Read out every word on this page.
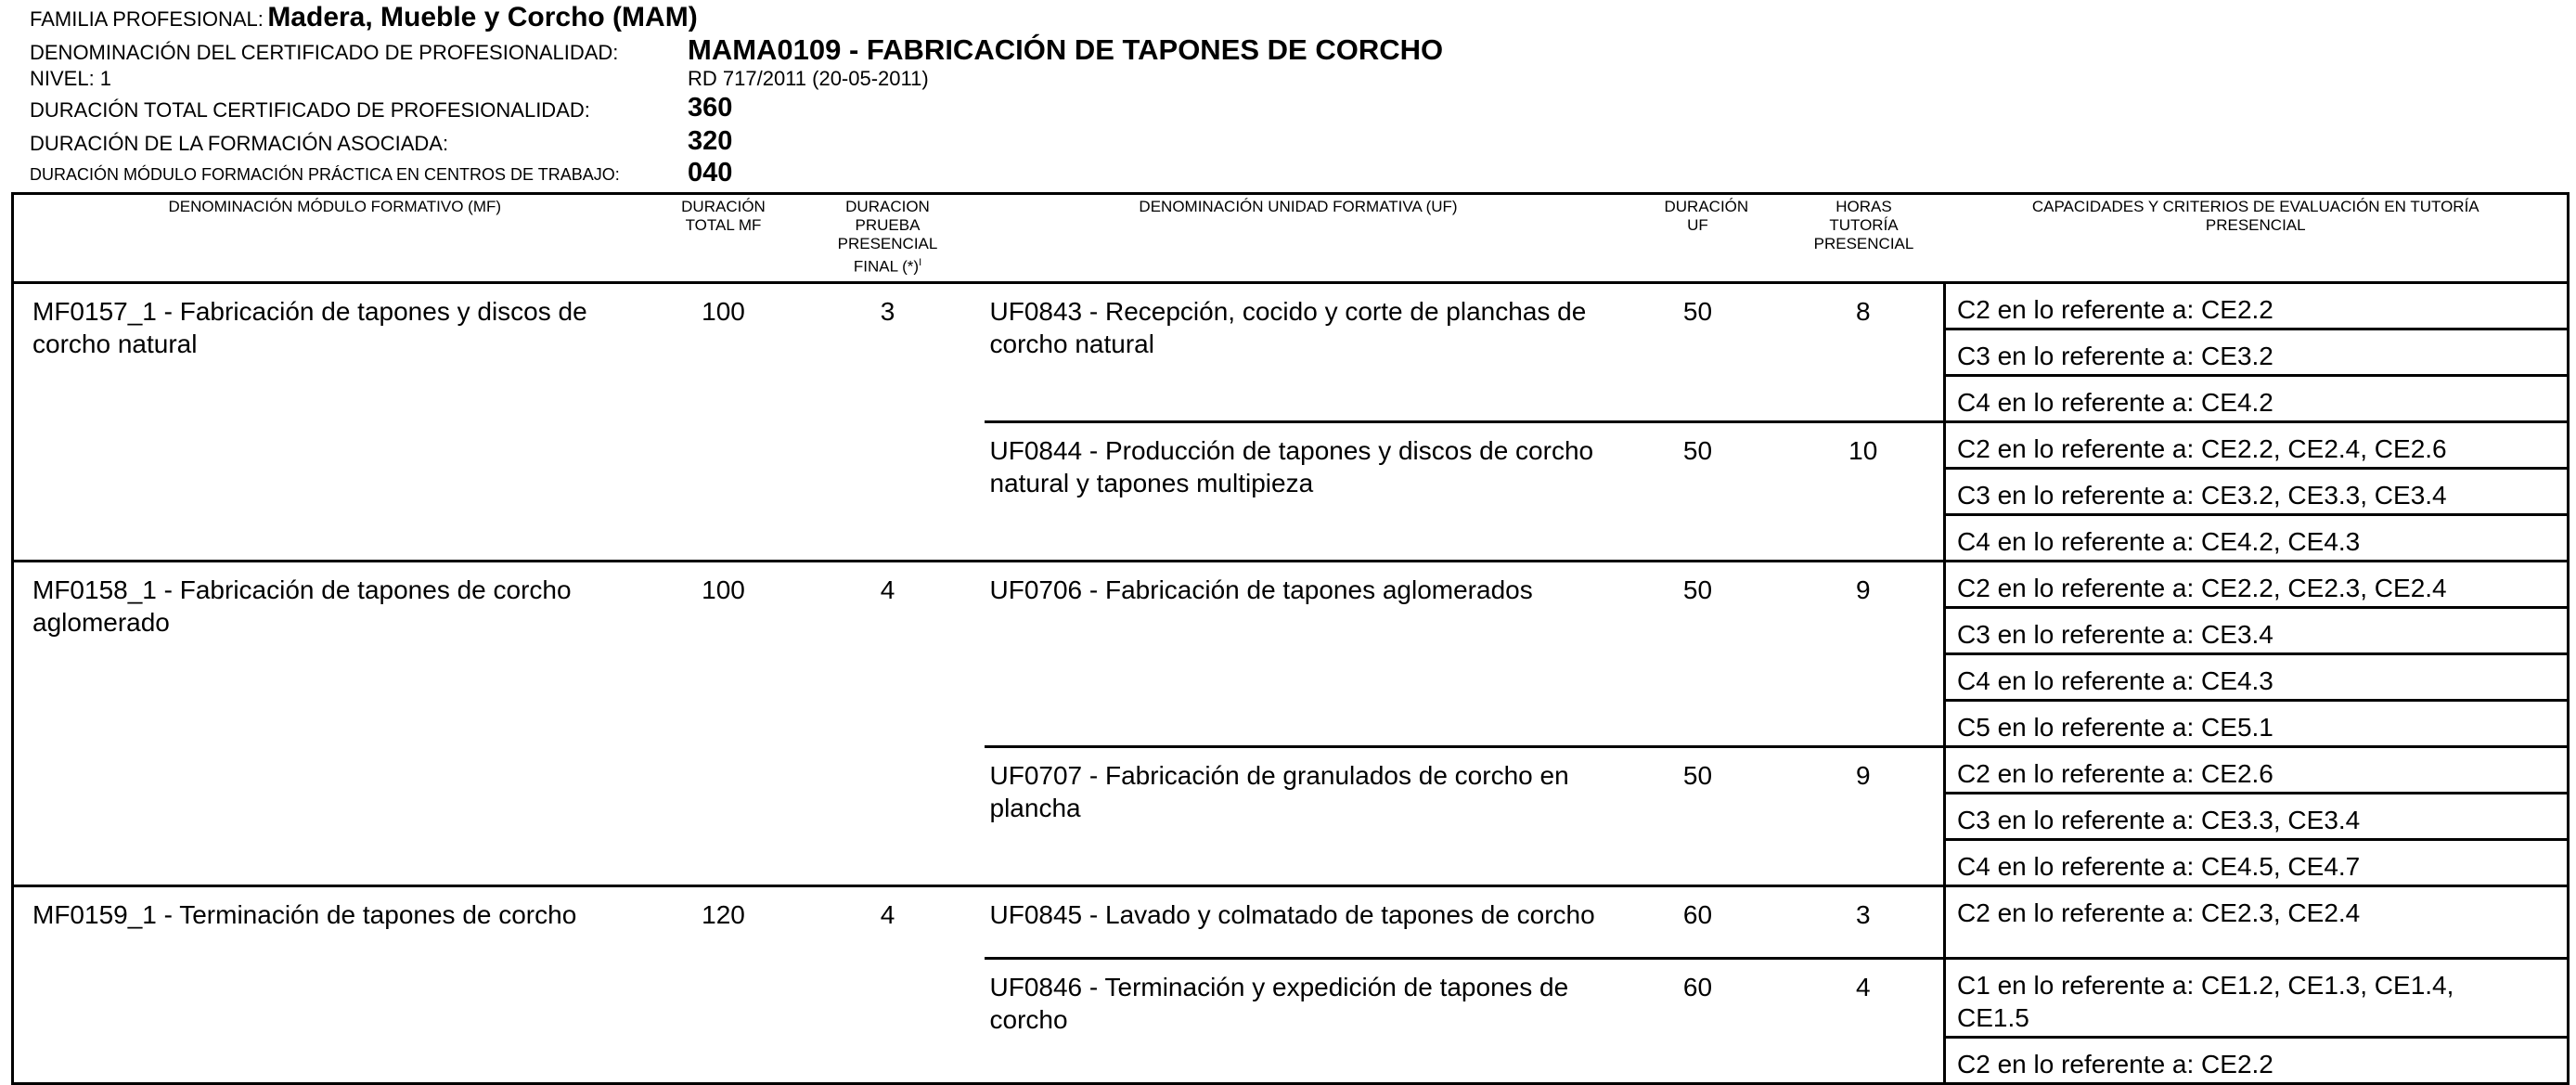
FAMILIA PROFESIONAL: Madera, Mueble y Corcho (MAM)
DENOMINACIÓN DEL CERTIFICADO DE PROFESIONALIDAD: MAMA0109 - FABRICACIÓN DE TAPONES DE CORCHO
NIVEL: 1	RD 717/2011 (20-05-2011)
DURACIÓN TOTAL CERTIFICADO DE PROFESIONALIDAD:	360
DURACIÓN DE LA FORMACIÓN ASOCIADA:	320
DURACIÓN MÓDULO FORMACIÓN PRÁCTICA EN CENTROS DE TRABAJO:	040
DENOMINACIÓN MÓDULO FORMATIVO (MF)	DURACIÓN TOTAL MF	DURACION PRUEBA PRESENCIAL FINAL $(*)^I$	DENOMINACIÓN UNIDAD FORMATIVA (UF)	DURACIÓN UF	HORAS TUTORÍA PRESENCIAL	CAPACIDADES Y CRITERIOS DE EVALUACIÓN EN TUTORÍA PRESENCIAL

MF0157_1 - Fabricación de tapones y discos de corcho natural	100	3	UF0843 - Recepción, cocido y corte de planchas de corcho natural	50	8	C2 en lo referente a: CE2.2
						C3 en lo referente a: CE3.2
						C4 en lo referente a: CE4.2
			UF0844 - Producción de tapones y discos de corcho natural y tapones multipieza	50	10	C2 en lo referente a: CE2.2, CE2.4, CE2.6
						C3 en lo referente a: CE3.2, CE3.3, CE3.4
						C4 en lo referente a: CE4.2, CE4.3
MF0158_1 - Fabricación de tapones de corcho aglomerado	100	4	UF0706 - Fabricación de tapones aglomerados	50	9	C2 en lo referente a: CE2.2, CE2.3, CE2.4
						C3 en lo referente a: CE3.4
						C4 en lo referente a: CE4.3
						C5 en lo referente a: CE5.1
			UF0707 - Fabricación de granulados de corcho en plancha	50	9	C2 en lo referente a: CE2.6
						C3 en lo referente a: CE3.3, CE3.4
						C4 en lo referente a: CE4.5, CE4.7
MF0159_1 - Terminación de tapones de corcho	120	4	UF0845 - Lavado y colmatado de tapones de corcho	60	3	C2 en lo referente a: CE2.3, CE2.4
			UF0846 - Terminación y expedición de tapones de corcho	60	4	C1 en lo referente a: CE1.2, CE1.3, CE1.4, CE1.5
						C2 en lo referente a: CE2.2
